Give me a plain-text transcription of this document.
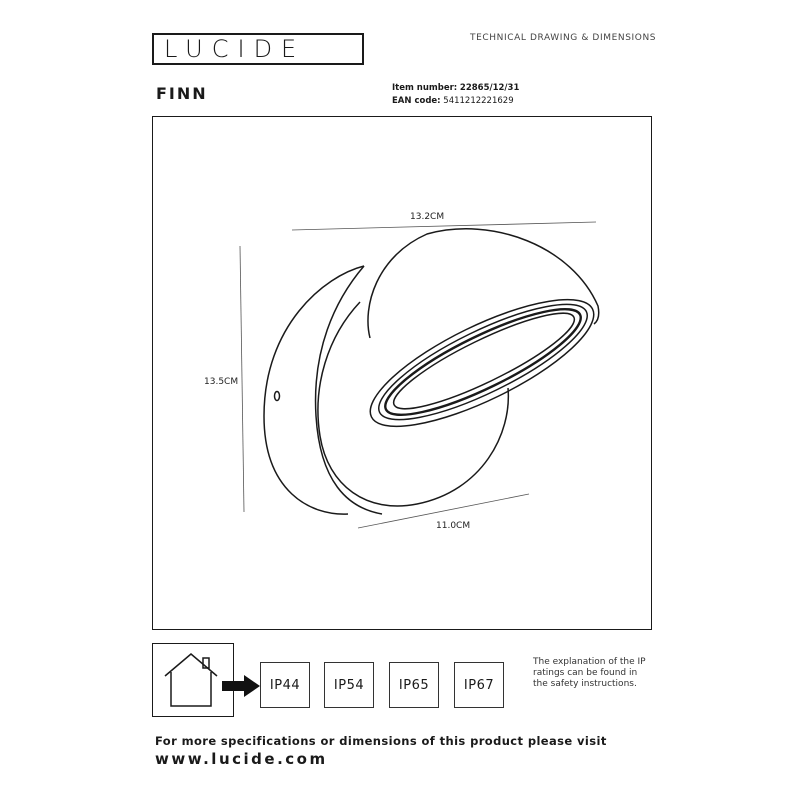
LUCIDE	TECHNICAL DRAWING & DIMENSIONS
FINN	Item number: 22865/12/31
EAN code: 5411212221629
13.2CM
13.5CM
11.0CM
IP44	IP54	IP65	IP67
The explanation of the IP ratings can be found in the safety instructions.
For more specifications or dimensions of this product please visit
www.lucide.com
